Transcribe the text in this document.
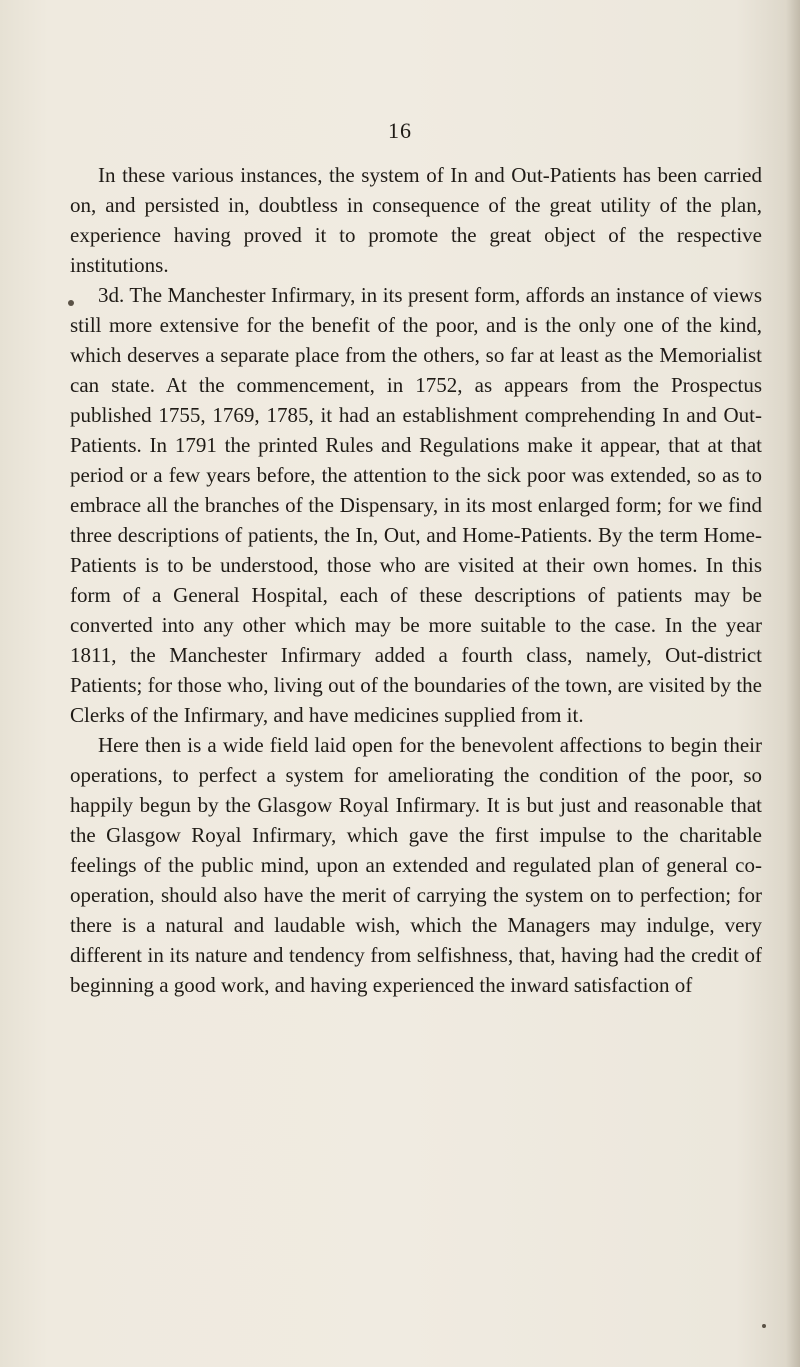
16

In these various instances, the system of In and Out-Patients has been carried on, and persisted in, doubtless in consequence of the great utility of the plan, experience having proved it to promote the great object of the respective institutions.

3d. The Manchester Infirmary, in its present form, affords an instance of views still more extensive for the benefit of the poor, and is the only one of the kind, which deserves a separate place from the others, so far at least as the Memorialist can state. At the commencement, in 1752, as appears from the Prospectus published 1755, 1769, 1785, it had an establishment comprehending In and Out-Patients. In 1791 the printed Rules and Regulations make it appear, that at that period or a few years before, the attention to the sick poor was extended, so as to embrace all the branches of the Dispensary, in its most enlarged form; for we find three descriptions of patients, the In, Out, and Home-Patients. By the term Home-Patients is to be understood, those who are visited at their own homes. In this form of a General Hospital, each of these descriptions of patients may be converted into any other which may be more suitable to the case. In the year 1811, the Manchester Infirmary added a fourth class, namely, Out-district Patients; for those who, living out of the boundaries of the town, are visited by the Clerks of the Infirmary, and have medicines supplied from it.

Here then is a wide field laid open for the benevolent affections to begin their operations, to perfect a system for ameliorating the condition of the poor, so happily begun by the Glasgow Royal Infirmary. It is but just and reasonable that the Glasgow Royal Infirmary, which gave the first impulse to the charitable feelings of the public mind, upon an extended and regulated plan of general co-operation, should also have the merit of carrying the system on to perfection; for there is a natural and laudable wish, which the Managers may indulge, very different in its nature and tendency from selfishness, that, having had the credit of beginning a good work, and having experienced the inward satisfaction of
